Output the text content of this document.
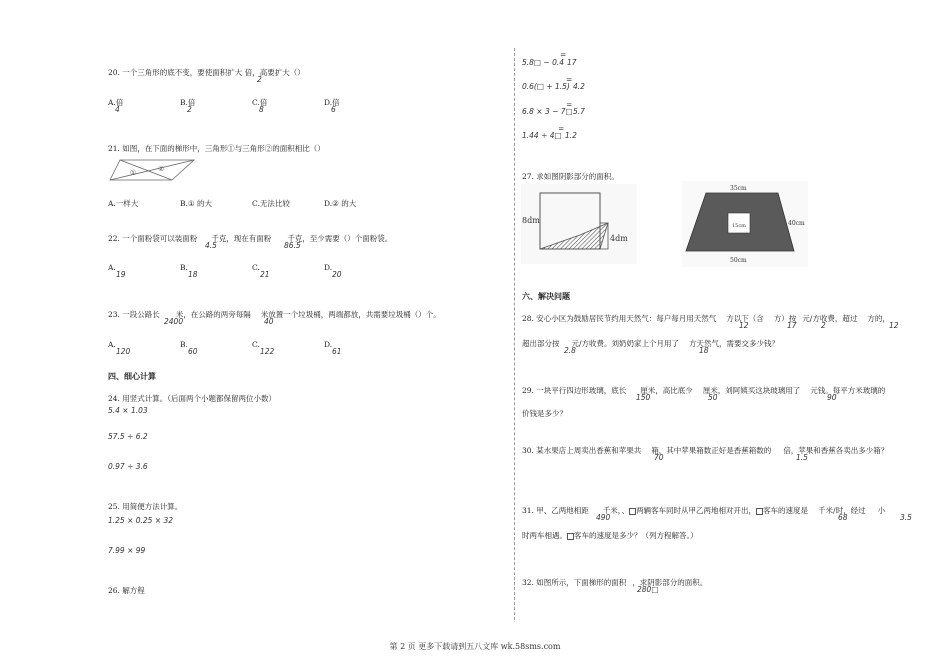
20. 一个三角形的底不变，要使面积扩大 倍，高要扩大（）
2
A.倍
4
B.倍
2
C.倍
8
D.倍
6
21. 如图，在下面的梯形中，三角形①与三角形②的面积相比（）
①	②
A.一样大	B.① 的大	C.无法比较	D.② 的大
22. 一个面粉袋可以装面粉 千克，现在有面粉 千克，至少需要（）个面粉袋。
4.5	86.5
A.
19
B.
18
C.
21
D.
20
23. 一段公路长 米，在公路的两旁每隔 米放置一个垃圾桶，两端都放，共需要垃圾桶（）个。
2400	40
A.
120
B.
60
C.
122
D.
61
四、细心计算
24. 用竖式计算。（后面两个小题都保留两位小数）
5.4 × 1.03
57.5 ÷ 6.2
0.97 ÷ 3.6
25. 用简便方法计算。
1.25 × 0.25 × 32
7.99 × 99
26. 解方程
5.8□ − 0.4
=
17
0.6(□ + 1.5)
=
4.2
6.8 × 3 − 7□
=
5.7
1.44 ÷ 4□
=
1.2
27. 求如图阴影部分的面积。
8dm
4dm
35cm
40cm
15cm
50cm
六、解决问题
28. 安心小区为鼓励居民节约用天然气：每户每月用天然气 方以下（含 方）按 元/方收费，超过 方的，
12	17	2	12
超出部分按 元/方收费。刘奶奶家上个月用了 方天然气，需要交多少钱？
2.8	18
29. 一块平行四边形玻璃，底长 厘米，高比底少 厘米，刘阿姨买这块玻璃用了 元钱。每平方米玻璃的
150	50	90
价钱是多少？
30. 某水果店上周卖出香蕉和苹果共 箱，其中苹果箱数正好是香蕉箱数的 倍，苹果和香蕉各卖出多少箱？
70	1.5
31. 甲、乙两地相距 千米，、 两辆客车同时从甲乙两地相对开出， 客车的速度是 千米/时，经过 小
490	68	3.5
时两车相遇。 客车的速度是多少？（列方程解答。）
32. 如图所示，下面梯形的面积 ，求阴影部分的面积。
280□
第 2 页 更多下载请到五八文库 wk.58sms.com
